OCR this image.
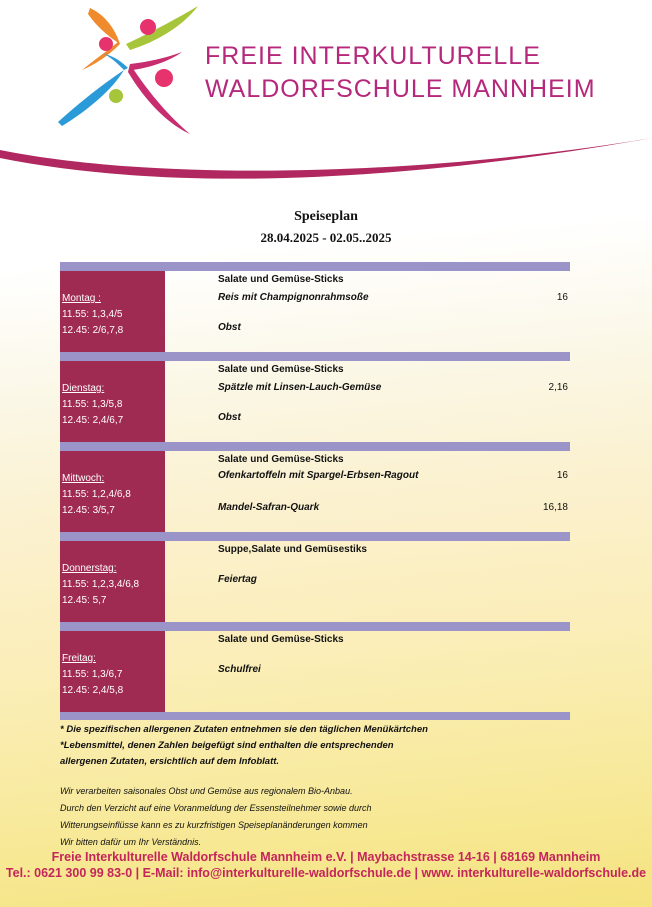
FREIE INTERKULTURELLE
WALDORFSCHULE MANNHEIM
Speiseplan
28.04.2025 - 02.05..2025
Montag :
11.55: 1,3,4/5
12.45: 2/6,7,8
Salate und Gemüse-Sticks
Reis mit Champignonrahmsoße	16
Obst
Dienstag:
11.55: 1,3/5,8
12.45: 2,4/6,7
Salate und Gemüse-Sticks
Spätzle mit Linsen-Lauch-Gemüse	2,16
Obst
Mittwoch:
11.55: 1,2,4/6,8
12.45: 3/5,7
Salate und Gemüse-Sticks
Ofenkartoffeln mit Spargel-Erbsen-Ragout	16
Mandel-Safran-Quark	16,18
Donnerstag:
11.55: 1,2,3,4/6,8
12.45: 5,7
Suppe,Salate und Gemüsestiks
Feiertag
Freitag:
11.55: 1,3/6,7
12.45: 2,4/5,8
Salate und Gemüse-Sticks
Schulfrei
* Die spezifischen allergenen Zutaten entnehmen sie den täglichen Menükärtchen
*Lebensmittel, denen Zahlen beigefügt sind enthalten die entsprechenden
allergenen Zutaten, ersichtlich auf dem Infoblatt.
Wir verarbeiten saisonales Obst und Gemüse aus regionalem Bio-Anbau.
Durch den Verzicht auf eine Voranmeldung der Essensteilnehmer sowie durch
Witterungseinflüsse kann es zu kurzfristigen Speiseplanänderungen kommen
Wir bitten dafür um Ihr Verständnis.
Freie Interkulturelle Waldorfschule Mannheim e.V. | Maybachstrasse 14-16 | 68169 Mannheim
Tel.: 0621 300 99 83-0 | E-Mail: info@interkulturelle-waldorfschule.de | www. interkulturelle-waldorfschule.de
